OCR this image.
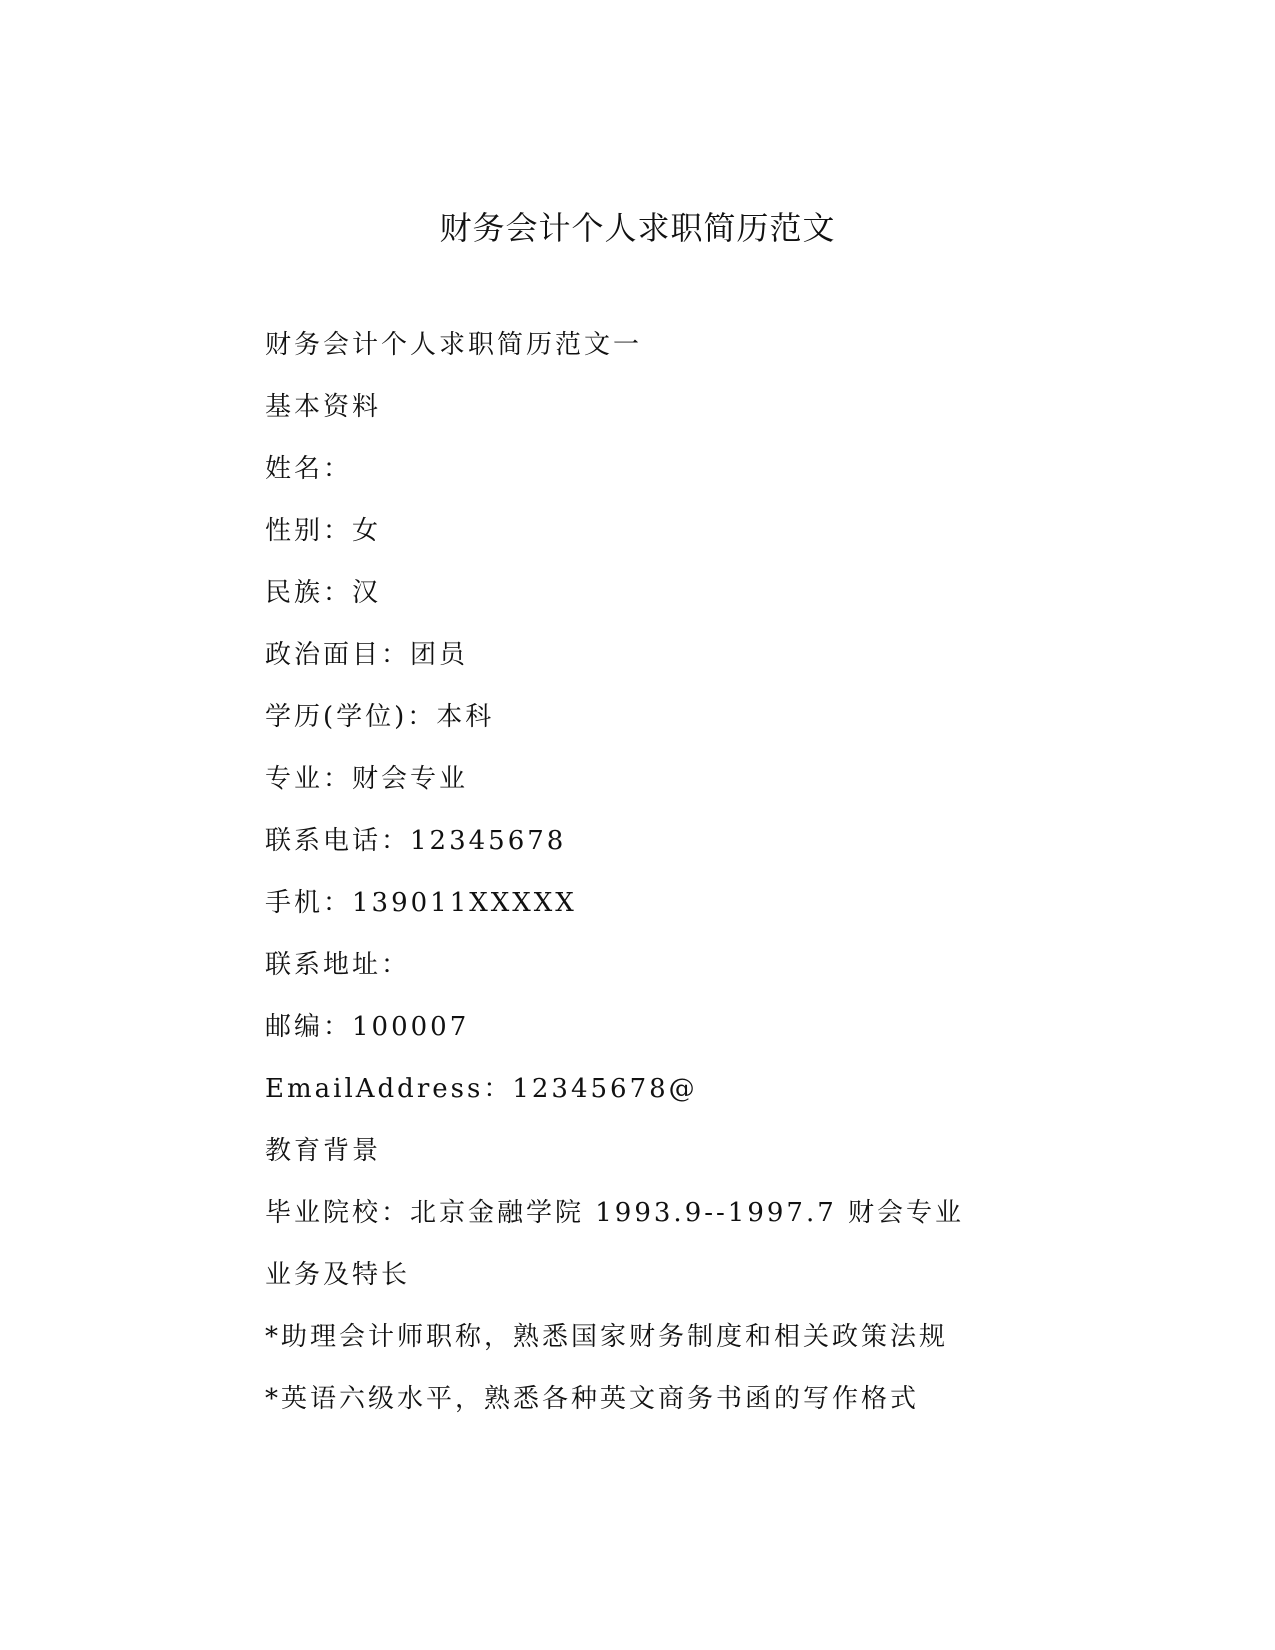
财务会计个人求职简历范文
财务会计个人求职简历范文一
基本资料
姓名：
性别：女
民族：汉
政治面目：团员
学历(学位)：本科
专业：财会专业
联系电话：12345678
手机：139011XXXXX
联系地址：
邮编：100007
EmailAddress：12345678@
教育背景
毕业院校：北京金融学院 1993.9--1997.7 财会专业
业务及特长
*助理会计师职称，熟悉国家财务制度和相关政策法规
*英语六级水平，熟悉各种英文商务书函的写作格式
